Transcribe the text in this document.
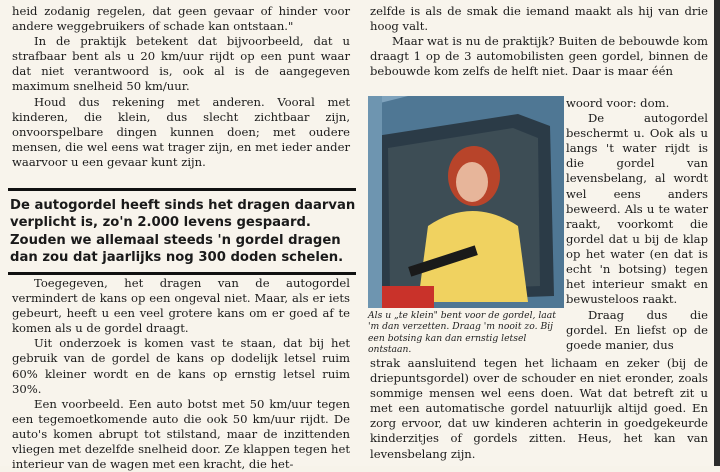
heid zodanig regelen, dat geen gevaar of hinder voor andere weggebruikers of schade kan ontstaan."

In de praktijk betekent dat bijvoorbeeld, dat u strafbaar bent als u 20 km/uur rijdt op een punt waar dat niet verantwoord is, ook al is de aangegeven maximum snelheid 50 km/uur.

Houd dus rekening met anderen. Vooral met kinderen, die klein, dus slecht zichtbaar zijn, onvoorspelbare dingen kunnen doen; met oudere mensen, die wel eens wat trager zijn, en met ieder ander waarvoor u een gevaar kunt zijn.

De autogordel heeft sinds het dragen daarvan verplicht is, zo'n 2.000 levens gespaard. Zouden we allemaal steeds 'n gordel dragen dan zou dat jaarlijks nog 300 doden schelen.

Toegegeven, het dragen van de autogordel vermindert de kans op een ongeval niet. Maar, als er iets gebeurt, heeft u een veel grotere kans om er goed af te komen als u de gordel draagt.

Uit onderzoek is komen vast te staan, dat bij het gebruik van de gordel de kans op dodelijk letsel ruim 60% kleiner wordt en de kans op ernstig letsel ruim 30%.

Een voorbeeld. Een auto botst met 50 km/uur tegen een tegemoetkomende auto die ook 50 km/uur rijdt. De auto's komen abrupt tot stilstand, maar de inzittenden vliegen met dezelfde snelheid door. Ze klappen tegen het interieur van de wagen met een kracht, die het-

zelfde is als de smak die iemand maakt als hij van drie hoog valt.

Maar wat is nu de praktijk? Buiten de bebouwde kom draagt 1 op de 3 automobilisten geen gordel, binnen de bebouwde kom zelfs de helft niet. Daar is maar één

Als u „te klein" bent voor de gordel, laat 'm dan verzetten. Draag 'm nooit zo. Bij een botsing kan dan ernstig letsel ontstaan.

woord voor: dom.

De autogordel beschermt u. Ook als u langs 't water rijdt is die gordel van levensbelang, al wordt wel eens anders beweerd. Als u te water raakt, voorkomt die gordel dat u bij de klap op het water (en dat is echt 'n botsing) tegen het interieur smakt en bewusteloos raakt.

Draag dus die gordel. En liefst op de goede manier, dus

strak aansluitend tegen het lichaam en zeker (bij de driepuntsgordel) over de schouder en niet eronder, zoals sommige mensen wel eens doen. Wat dat betreft zit u met een automatische gordel natuurlijk altijd goed. En zorg ervoor, dat uw kinderen achterin in goedgekeurde kinderzitjes of gordels zitten. Heus, het kan van levensbelang zijn.
